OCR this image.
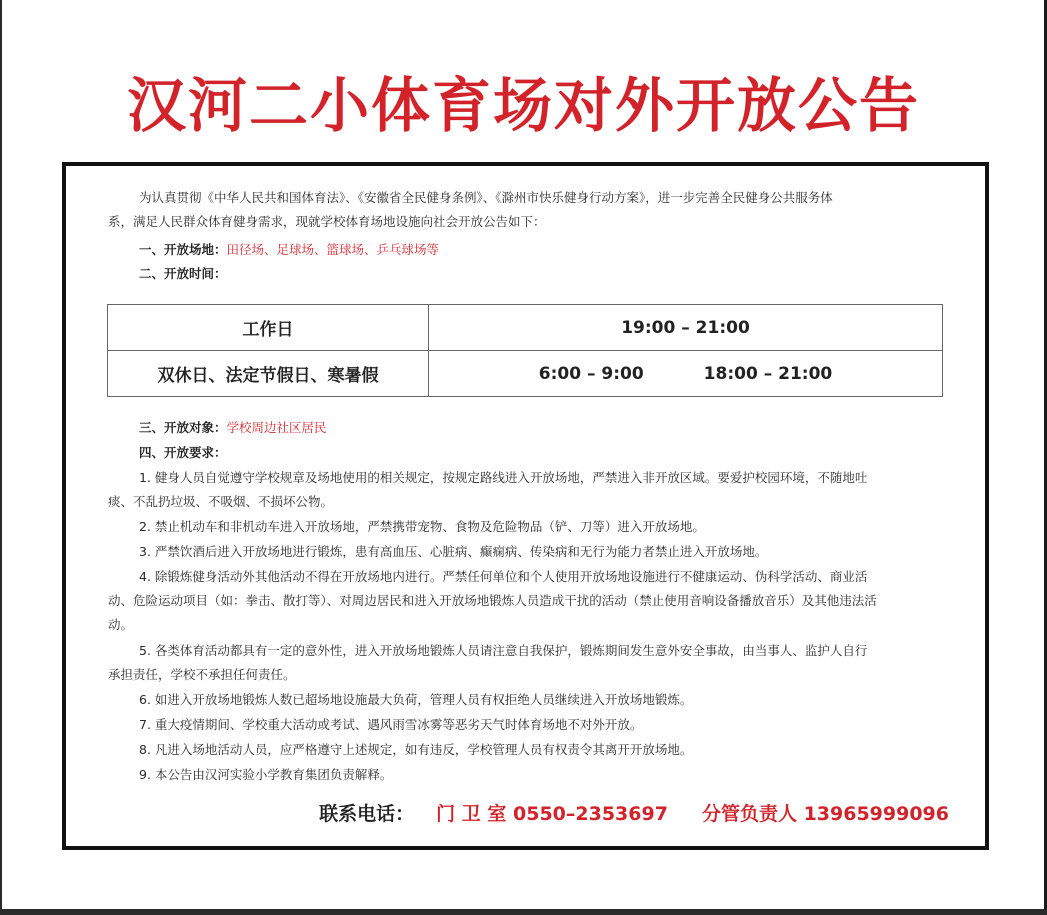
汉河二小体育场对外开放公告
为认真贯彻《中华人民共和国体育法》、《安徽省全民健身条例》、《滁州市快乐健身行动方案》，进一步完善全民健身公共服务体
系，满足人民群众体育健身需求，现就学校体育场地设施向社会开放公告如下：
一、开放场地：田径场、足球场、篮球场、乒乓球场等
二、开放时间：
工作日	19:00 – 21:00
双休日、法定节假日、寒暑假	6:00 – 9:00 18:00 – 21:00
三、开放对象：学校周边社区居民
四、开放要求：
1. 健身人员自觉遵守学校规章及场地使用的相关规定，按规定路线进入开放场地，严禁进入非开放区域。要爱护校园环境，不随地吐
痰、不乱扔垃圾、不吸烟、不损坏公物。
2. 禁止机动车和非机动车进入开放场地，严禁携带宠物、食物及危险物品（铲、刀等）进入开放场地。
3. 严禁饮酒后进入开放场地进行锻炼，患有高血压、心脏病、癫痫病、传染病和无行为能力者禁止进入开放场地。
4. 除锻炼健身活动外其他活动不得在开放场地内进行。严禁任何单位和个人使用开放场地设施进行不健康运动、伪科学活动、商业活
动、危险运动项目（如：拳击、散打等）、对周边居民和进入开放场地锻炼人员造成干扰的活动（禁止使用音响设备播放音乐）及其他违法活
动。
5. 各类体育活动都具有一定的意外性，进入开放场地锻炼人员请注意自我保护，锻炼期间发生意外安全事故，由当事人、监护人自行
承担责任，学校不承担任何责任。
6. 如进入开放场地锻炼人数已超场地设施最大负荷，管理人员有权拒绝人员继续进入开放场地锻炼。
7. 重大疫情期间、学校重大活动或考试、遇风雨雪冰雾等恶劣天气时体育场地不对外开放。
8. 凡进入场地活动人员，应严格遵守上述规定，如有违反，学校管理人员有权责令其离开开放场地。
9. 本公告由汉河实验小学教育集团负责解释。
联系电话： 门 卫 室 0550–2353697 分管负责人 13965999096
